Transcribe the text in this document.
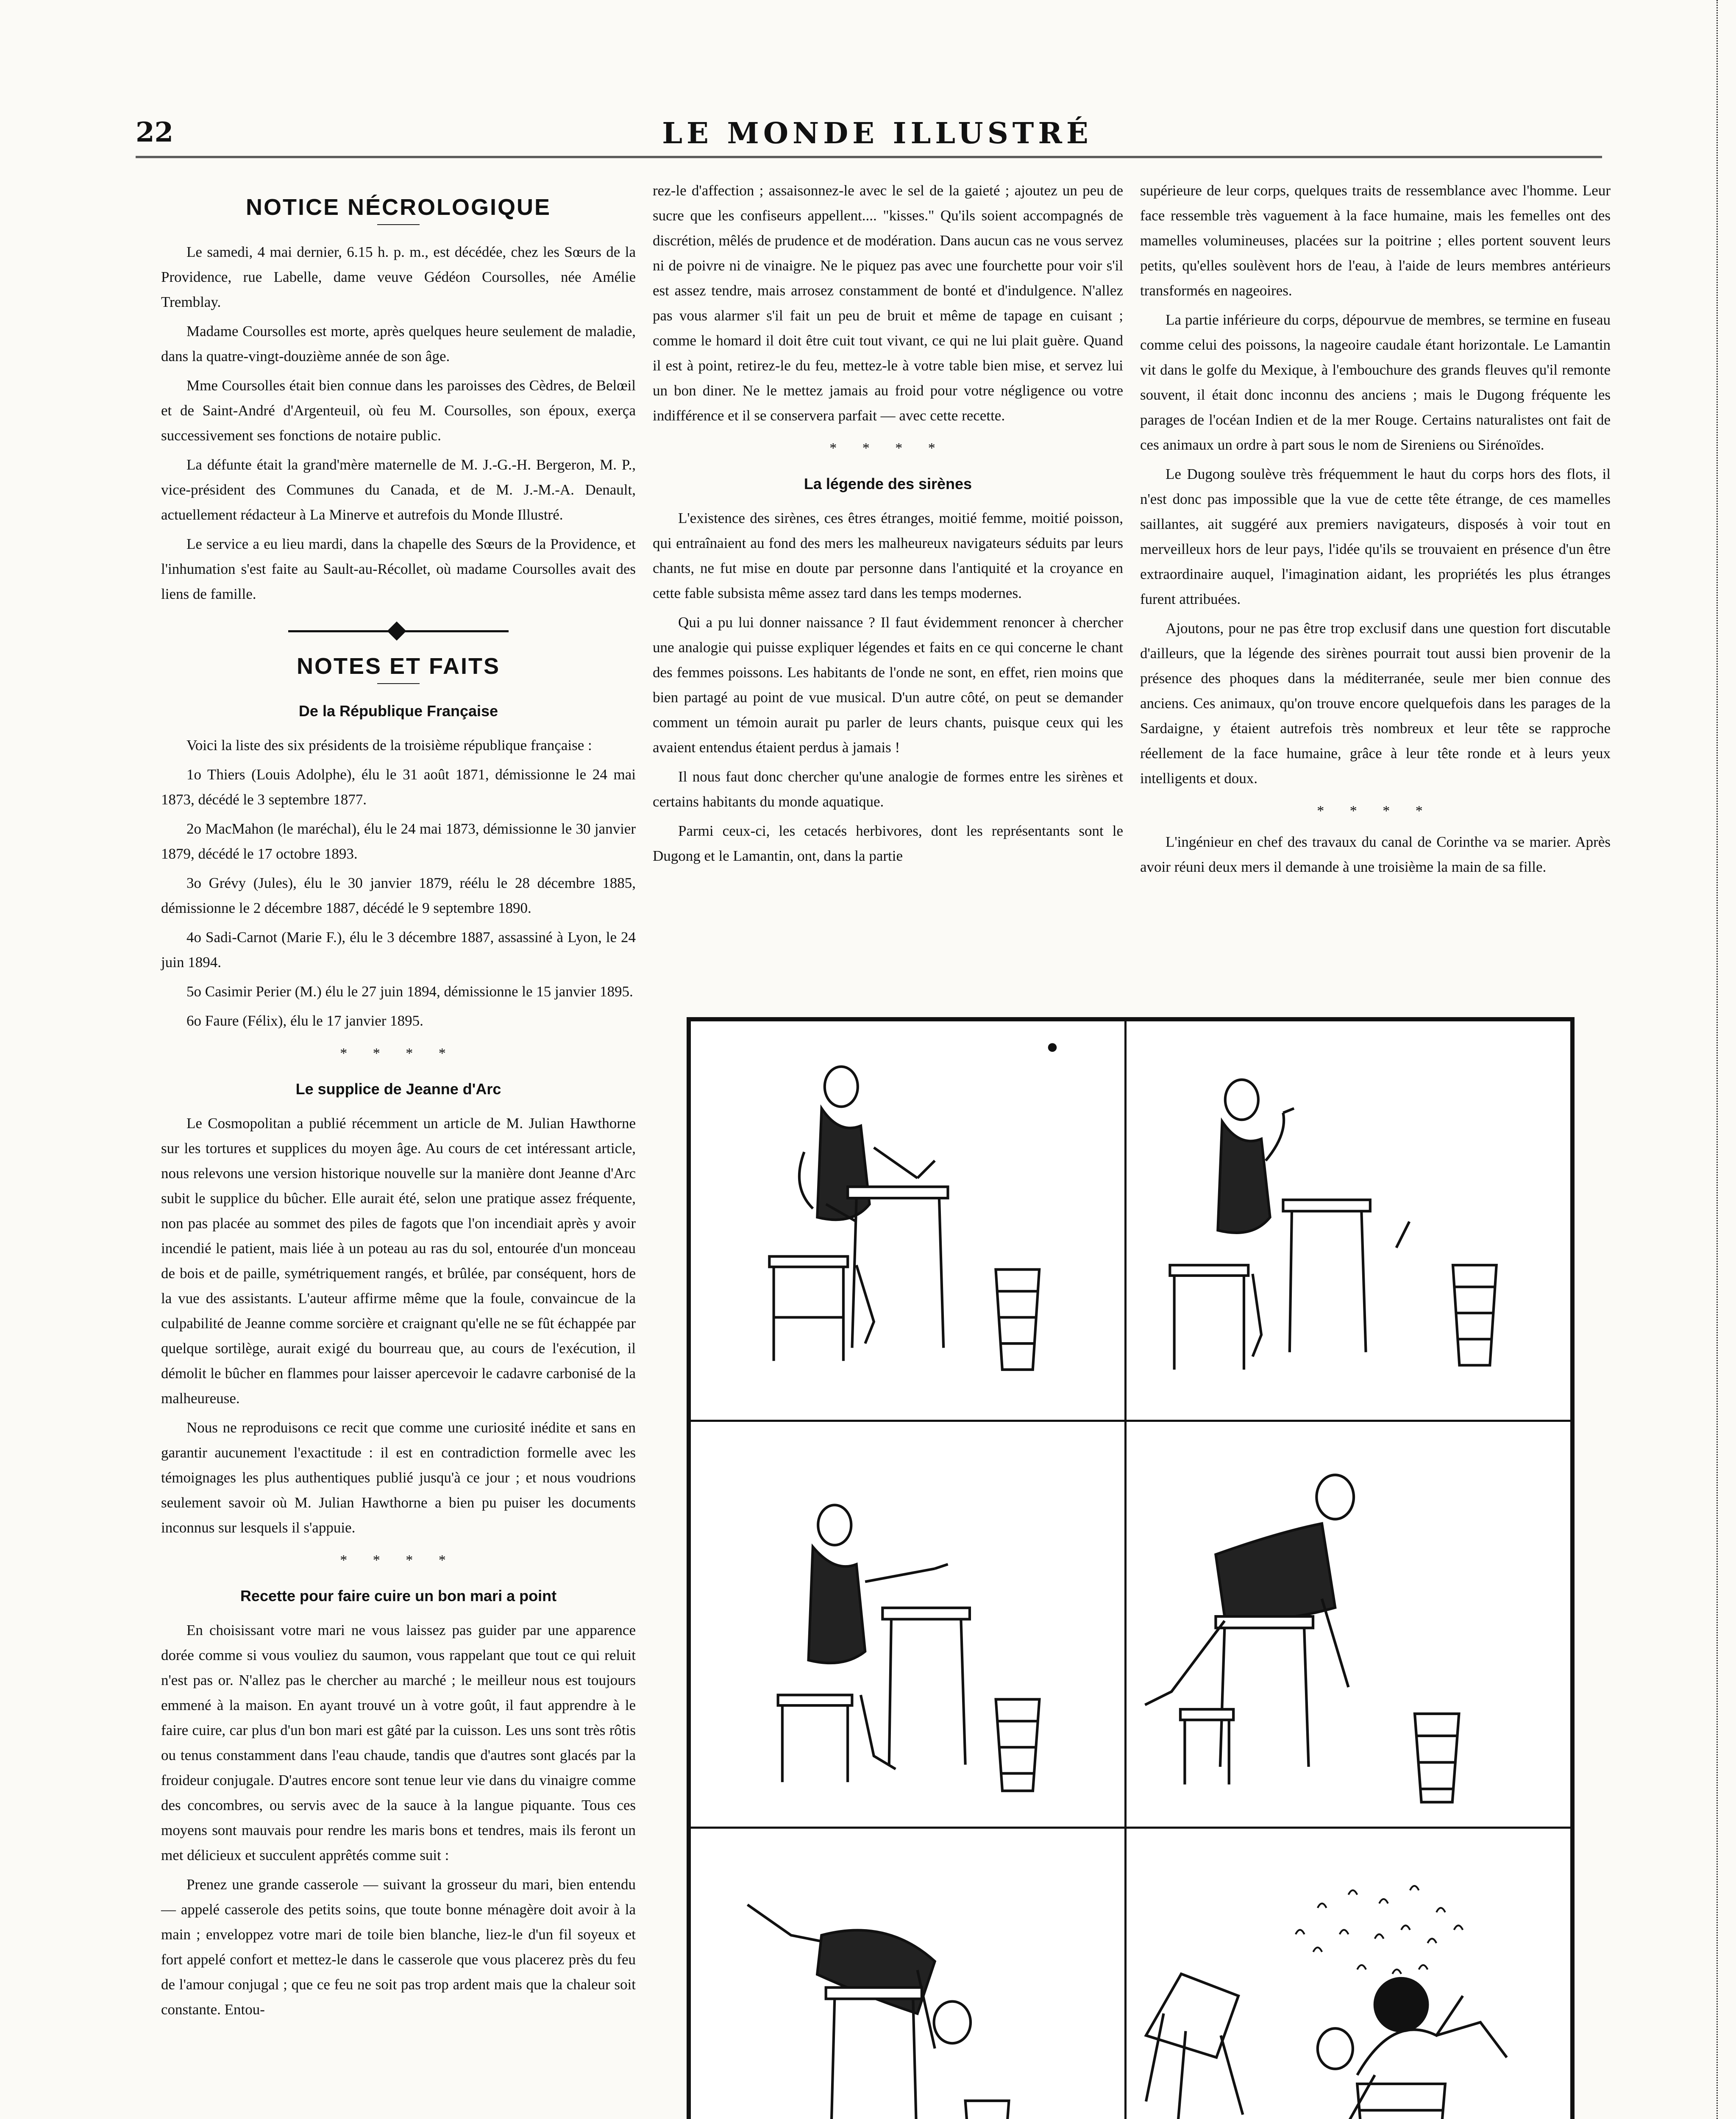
22	LE MONDE ILLUSTRÉ
NOTICE NÉCROLOGIQUE

Le samedi, 4 mai dernier, 6.15 h. p. m., est décédée, chez les Sœurs de la Providence, rue Labelle, dame veuve Gédéon Coursolles, née Amélie Tremblay.

Madame Coursolles est morte, après quelques heure seulement de maladie, dans la quatre-vingt-douzième année de son âge.

Mme Coursolles était bien connue dans les paroisses des Cèdres, de Belœil et de Saint-André d'Argenteuil, où feu M. Coursolles, son époux, exerça successivement ses fonctions de notaire public.

La défunte était la grand'mère maternelle de M. J.-G.-H. Bergeron, M. P., vice-président des Communes du Canada, et de M. J.-M.-A. Denault, actuellement rédacteur à La Minerve et autrefois du Monde Illustré.

Le service a eu lieu mardi, dans la chapelle des Sœurs de la Providence, et l'inhumation s'est faite au Sault-au-Récollet, où madame Coursolles avait des liens de famille.

NOTES ET FAITS
De la République Française

Voici la liste des six présidents de la troisième république française :

1o Thiers (Louis Adolphe), élu le 31 août 1871, démissionne le 24 mai 1873, décédé le 3 septembre 1877.

2o MacMahon (le maréchal), élu le 24 mai 1873, démissionne le 30 janvier 1879, décédé le 17 octobre 1893.

3o Grévy (Jules), élu le 30 janvier 1879, réélu le 28 décembre 1885, démissionne le 2 décembre 1887, décédé le 9 septembre 1890.

4o Sadi-Carnot (Marie F.), élu le 3 décembre 1887, assassiné à Lyon, le 24 juin 1894.

5o Casimir Perier (M.) élu le 27 juin 1894, démissionne le 15 janvier 1895.

6o Faure (Félix), élu le 17 janvier 1895.

* * * *
Le supplice de Jeanne d'Arc

Le Cosmopolitan a publié récemment un article de M. Julian Hawthorne sur les tortures et supplices du moyen âge. Au cours de cet intéressant article, nous relevons une version historique nouvelle sur la manière dont Jeanne d'Arc subit le supplice du bûcher. Elle aurait été, selon une pratique assez fréquente, non pas placée au sommet des piles de fagots que l'on incendiait après y avoir incendié le patient, mais liée à un poteau au ras du sol, entourée d'un monceau de bois et de paille, symétriquement rangés, et brûlée, par conséquent, hors de la vue des assistants. L'auteur affirme même que la foule, convaincue de la culpabilité de Jeanne comme sorcière et craignant qu'elle ne se fût échappée par quelque sortilège, aurait exigé du bourreau que, au cours de l'exécution, il démolit le bûcher en flammes pour laisser apercevoir le cadavre carbonisé de la malheureuse.

Nous ne reproduisons ce recit que comme une curiosité inédite et sans en garantir aucunement l'exactitude : il est en contradiction formelle avec les témoignages les plus authentiques publié jusqu'à ce jour ; et nous voudrions seulement savoir où M. Julian Hawthorne a bien pu puiser les documents inconnus sur lesquels il s'appuie.

* * * *
Recette pour faire cuire un bon mari a point

En choisissant votre mari ne vous laissez pas guider par une apparence dorée comme si vous vouliez du saumon, vous rappelant que tout ce qui reluit n'est pas or. N'allez pas le chercher au marché ; le meilleur nous est toujours emmené à la maison. En ayant trouvé un à votre goût, il faut apprendre à le faire cuire, car plus d'un bon mari est gâté par la cuisson. Les uns sont très rôtis ou tenus constamment dans l'eau chaude, tandis que d'autres sont glacés par la froideur conjugale. D'autres encore sont tenue leur vie dans du vinaigre comme des concombres, ou servis avec de la sauce à la langue piquante. Tous ces moyens sont mauvais pour rendre les maris bons et tendres, mais ils feront un met délicieux et succulent apprêtés comme suit :

Prenez une grande casserole — suivant la grosseur du mari, bien entendu — appelé casserole des petits soins, que toute bonne ménagère doit avoir à la main ; enveloppez votre mari de toile bien blanche, liez-le d'un fil soyeux et fort appelé confort et mettez-le dans le casserole que vous placerez près du feu de l'amour conjugal ; que ce feu ne soit pas trop ardent mais que la chaleur soit constante. Entou-

rez-le d'affection ; assaisonnez-le avec le sel de la gaieté ; ajoutez un peu de sucre que les confiseurs appellent.... "kisses." Qu'ils soient accompagnés de discrétion, mêlés de prudence et de modération. Dans aucun cas ne vous servez ni de poivre ni de vinaigre. Ne le piquez pas avec une fourchette pour voir s'il est assez tendre, mais arrosez constamment de bonté et d'indulgence. N'allez pas vous alarmer s'il fait un peu de bruit et même de tapage en cuisant ; comme le homard il doit être cuit tout vivant, ce qui ne lui plait guère. Quand il est à point, retirez-le du feu, mettez-le à votre table bien mise, et servez lui un bon diner. Ne le mettez jamais au froid pour votre négligence ou votre indifférence et il se conservera parfait — avec cette recette.

* * * *
La légende des sirènes

L'existence des sirènes, ces êtres étranges, moitié femme, moitié poisson, qui entraînaient au fond des mers les malheureux navigateurs séduits par leurs chants, ne fut mise en doute par personne dans l'antiquité et la croyance en cette fable subsista même assez tard dans les temps modernes.

Qui a pu lui donner naissance ? Il faut évidemment renoncer à chercher une analogie qui puisse expliquer légendes et faits en ce qui concerne le chant des femmes poissons. Les habitants de l'onde ne sont, en effet, rien moins que bien partagé au point de vue musical. D'un autre côté, on peut se demander comment un témoin aurait pu parler de leurs chants, puisque ceux qui les avaient entendus étaient perdus à jamais !

Il nous faut donc chercher qu'une analogie de formes entre les sirènes et certains habitants du monde aquatique.

Parmi ceux-ci, les cetacés herbivores, dont les représentants sont le Dugong et le Lamantin, ont, dans la partie

supérieure de leur corps, quelques traits de ressemblance avec l'homme. Leur face ressemble très vaguement à la face humaine, mais les femelles ont des mamelles volumineuses, placées sur la poitrine ; elles portent souvent leurs petits, qu'elles soulèvent hors de l'eau, à l'aide de leurs membres antérieurs transformés en nageoires.

La partie inférieure du corps, dépourvue de membres, se termine en fuseau comme celui des poissons, la nageoire caudale étant horizontale. Le Lamantin vit dans le golfe du Mexique, à l'embouchure des grands fleuves qu'il remonte souvent, il était donc inconnu des anciens ; mais le Dugong fréquente les parages de l'océan Indien et de la mer Rouge. Certains naturalistes ont fait de ces animaux un ordre à part sous le nom de Sireniens ou Sirénoïdes.

Le Dugong soulève très fréquemment le haut du corps hors des flots, il n'est donc pas impossible que la vue de cette tête étrange, de ces mamelles saillantes, ait suggéré aux premiers navigateurs, disposés à voir tout en merveilleux hors de leur pays, l'idée qu'ils se trouvaient en présence d'un être extraordinaire auquel, l'imagination aidant, les propriétés les plus étranges furent attribuées.

Ajoutons, pour ne pas être trop exclusif dans une question fort discutable d'ailleurs, que la légende des sirènes pourrait tout aussi bien provenir de la présence des phoques dans la méditerranée, seule mer bien connue des anciens. Ces animaux, qu'on trouve encore quelquefois dans les parages de la Sardaigne, y étaient autrefois très nombreux et leur tête se rapproche réellement de la face humaine, grâce à leur tête ronde et à leurs yeux intelligents et doux.

* * * *

L'ingénieur en chef des travaux du canal de Corinthe va se marier. Après avoir réuni deux mers il demande à une troisième la main de sa fille.
